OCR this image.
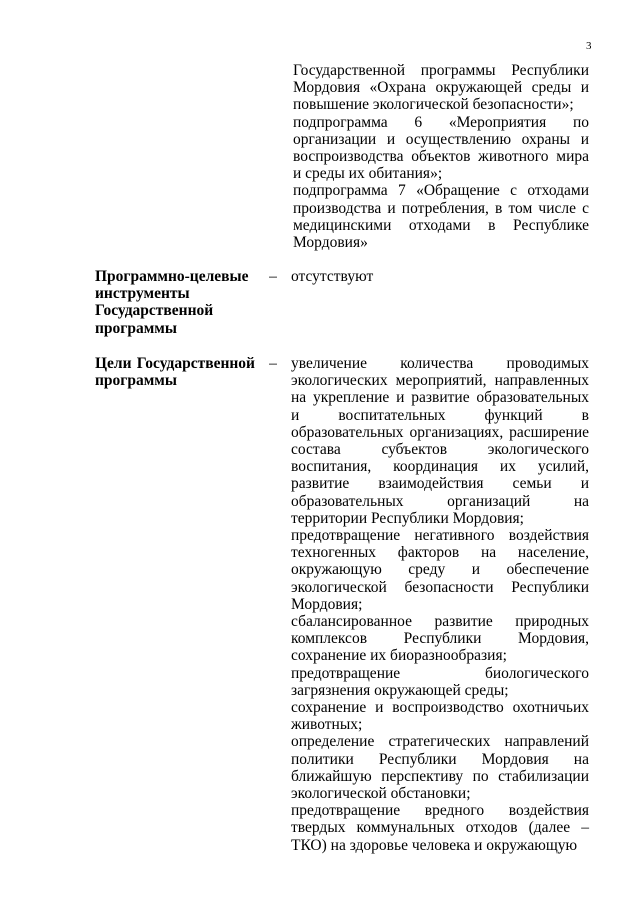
3

Государственной программы Республики Мордовия «Охрана окружающей среды и повышение экологической безопасности»;

подпрограмма 6 «Мероприятия по организации и осуществлению охраны и воспроизводства объектов животного мира и среды их обитания»;

подпрограмма 7 «Обращение с отходами производства и потребления, в том числе с медицинскими отходами в Республике Мордовия»

Программно-целевые инструменты Государственной программы
– отсутствуют

Цели Государственной программы
– увеличение количества проводимых экологических мероприятий, направленных на укрепление и развитие образовательных и воспитательных функций в образовательных организациях, расширение состава субъектов экологического воспитания, координация их усилий, развитие взаимодействия семьи и образовательных организаций на территории Республики Мордовия;

предотвращение негативного воздействия техногенных факторов на население, окружающую среду и обеспечение экологической безопасности Республики Мордовия;

сбалансированное развитие природных комплексов Республики Мордовия, сохранение их биоразнообразия;

предотвращение биологического загрязнения окружающей среды;

сохранение и воспроизводство охотничьих животных;

определение стратегических направлений политики Республики Мордовия на ближайшую перспективу по стабилизации экологической обстановки;

предотвращение вредного воздействия твердых коммунальных отходов (далее – ТКО) на здоровье человека и окружающую
